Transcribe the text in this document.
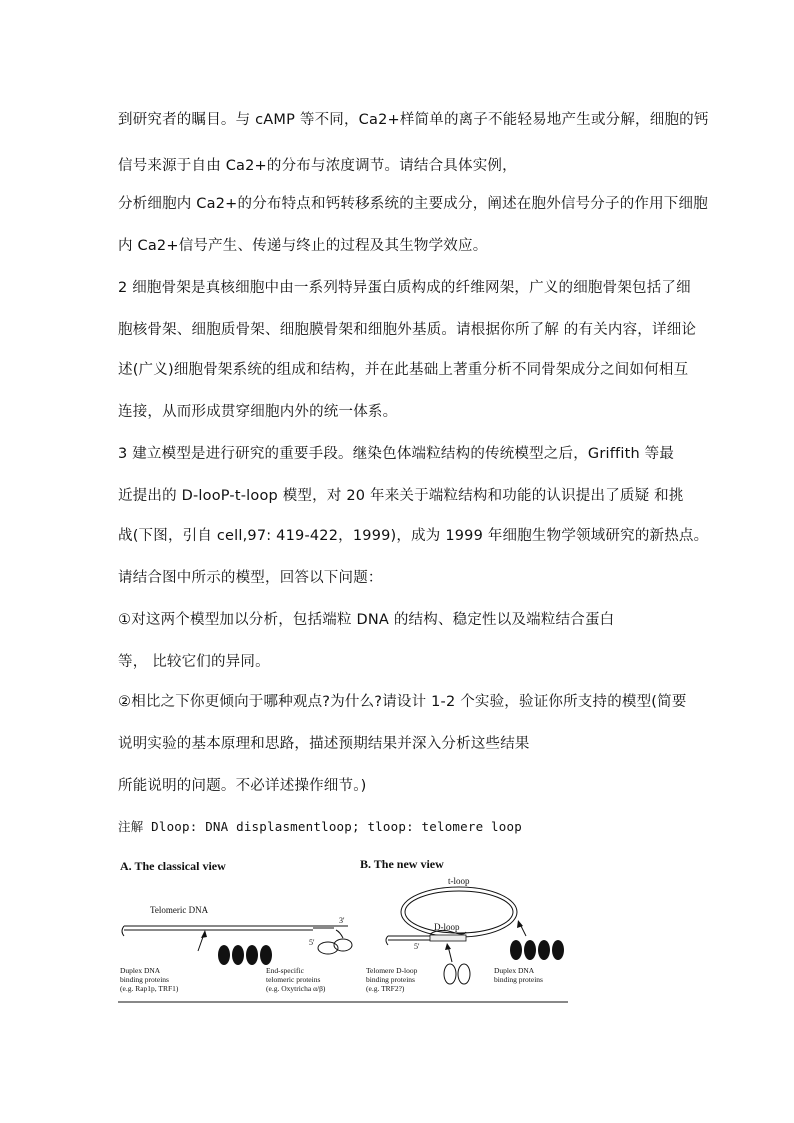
到研究者的瞩目。与 cAMP 等不同，Ca2+样简单的离子不能轻易地产生或分解，细胞的钙
信号来源于自由 Ca2+的分布与浓度调节。请结合具体实例，
分析细胞内 Ca2+的分布特点和钙转移系统的主要成分，阐述在胞外信号分子的作用下细胞
内 Ca2+信号产生、传递与终止的过程及其生物学效应。
2 细胞骨架是真核细胞中由一系列特异蛋白质构成的纤维网架，广义的细胞骨架包括了细
胞核骨架、细胞质骨架、细胞膜骨架和细胞外基质。请根据你所了解 的有关内容，详细论
述(广义)细胞骨架系统的组成和结构，并在此基础上著重分析不同骨架成分之间如何相互
连接，从而形成贯穿细胞内外的统一体系。
3 建立模型是进行研究的重要手段。继染色体端粒结构的传统模型之后，Griffith 等最
近提出的 D-looP-t-loop 模型，对 20 年来关于端粒结构和功能的认识提出了质疑 和挑
战(下图，引自 cell,97: 419-422，1999)，成为 1999 年细胞生物学领域研究的新热点。
请结合图中所示的模型，回答以下问题：
①对这两个模型加以分析，包括端粒 DNA 的结构、稳定性以及端粒结合蛋白
等， 比较它们的异同。
②相比之下你更倾向于哪种观点?为什么?请设计 1-2 个实验，验证你所支持的模型(简要
说明实验的基本原理和思路，描述预期结果并深入分析这些结果
所能说明的问题。不必详述操作细节。)
注解 Dloop: DNA displasmentloop; tloop: telomere loop
A. The classical view
Telomeric DNA
5'
3'
Duplex DNA
binding proteins
(e.g. Rap1p, TRF1)
End-specific
telomeric proteins
(e.g. Oxytricha α/β)
B. The new view
t-loop
5'
D-loop
Telomere D-loop
binding proteins
(e.g. TRF2?)
Duplex DNA
binding proteins
